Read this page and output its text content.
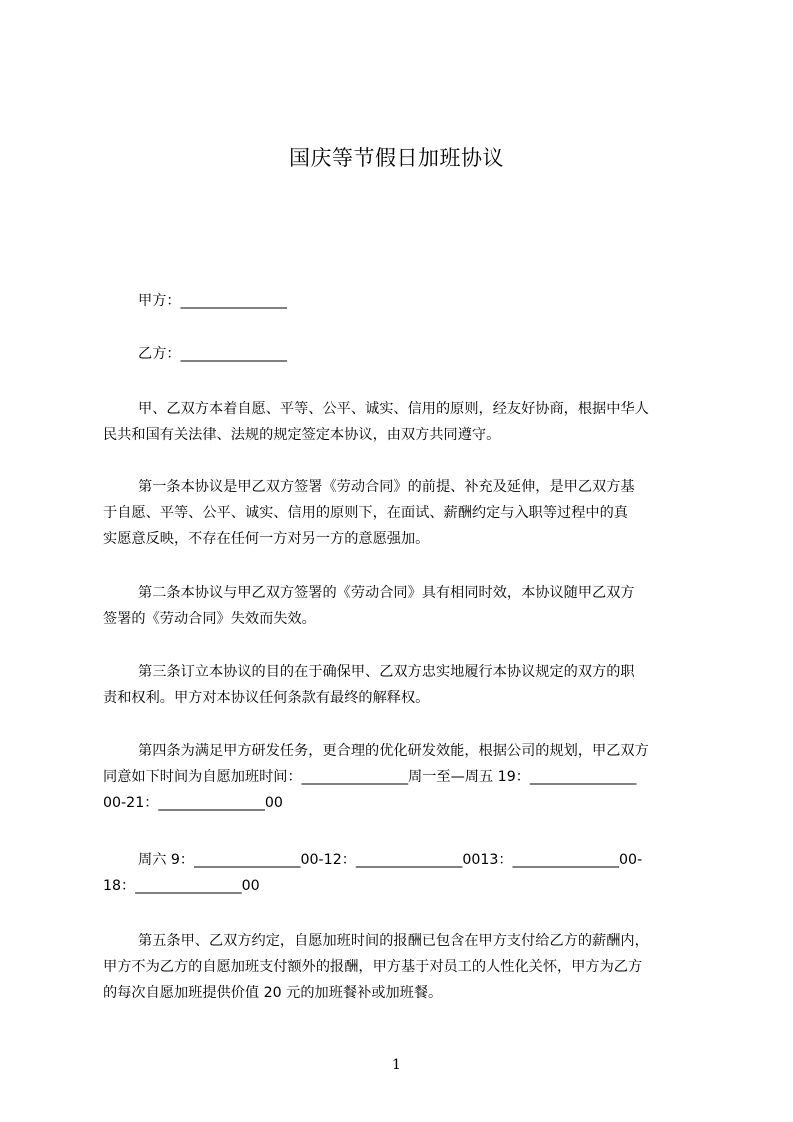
国庆等节假日加班协议
甲方：_______________
乙方：_______________
甲、乙双方本着自愿、平等、公平、诚实、信用的原则，经友好协商，根据中华人
民共和国有关法律、法规的规定签定本协议，由双方共同遵守。
第一条本协议是甲乙双方签署《劳动合同》的前提、补充及延伸，是甲乙双方基
于自愿、平等、公平、诚实、信用的原则下，在面试、薪酬约定与入职等过程中的真
实愿意反映，不存在任何一方对另一方的意愿强加。
第二条本协议与甲乙双方签署的《劳动合同》具有相同时效，本协议随甲乙双方
签署的《劳动合同》失效而失效。
第三条订立本协议的目的在于确保甲、乙双方忠实地履行本协议规定的双方的职
责和权利。甲方对本协议任何条款有最终的解释权。
第四条为满足甲方研发任务，更合理的优化研发效能，根据公司的规划，甲乙双方
同意如下时间为自愿加班时间：_______________周一至—周五 19：_______________
00-21：_______________00
周六 9：_______________00-12：_______________0013：_______________00-
18：_______________00
第五条甲、乙双方约定，自愿加班时间的报酬已包含在甲方支付给乙方的薪酬内，
甲方不为乙方的自愿加班支付额外的报酬，甲方基于对员工的人性化关怀，甲方为乙方
的每次自愿加班提供价值 20 元的加班餐补或加班餐。
1
